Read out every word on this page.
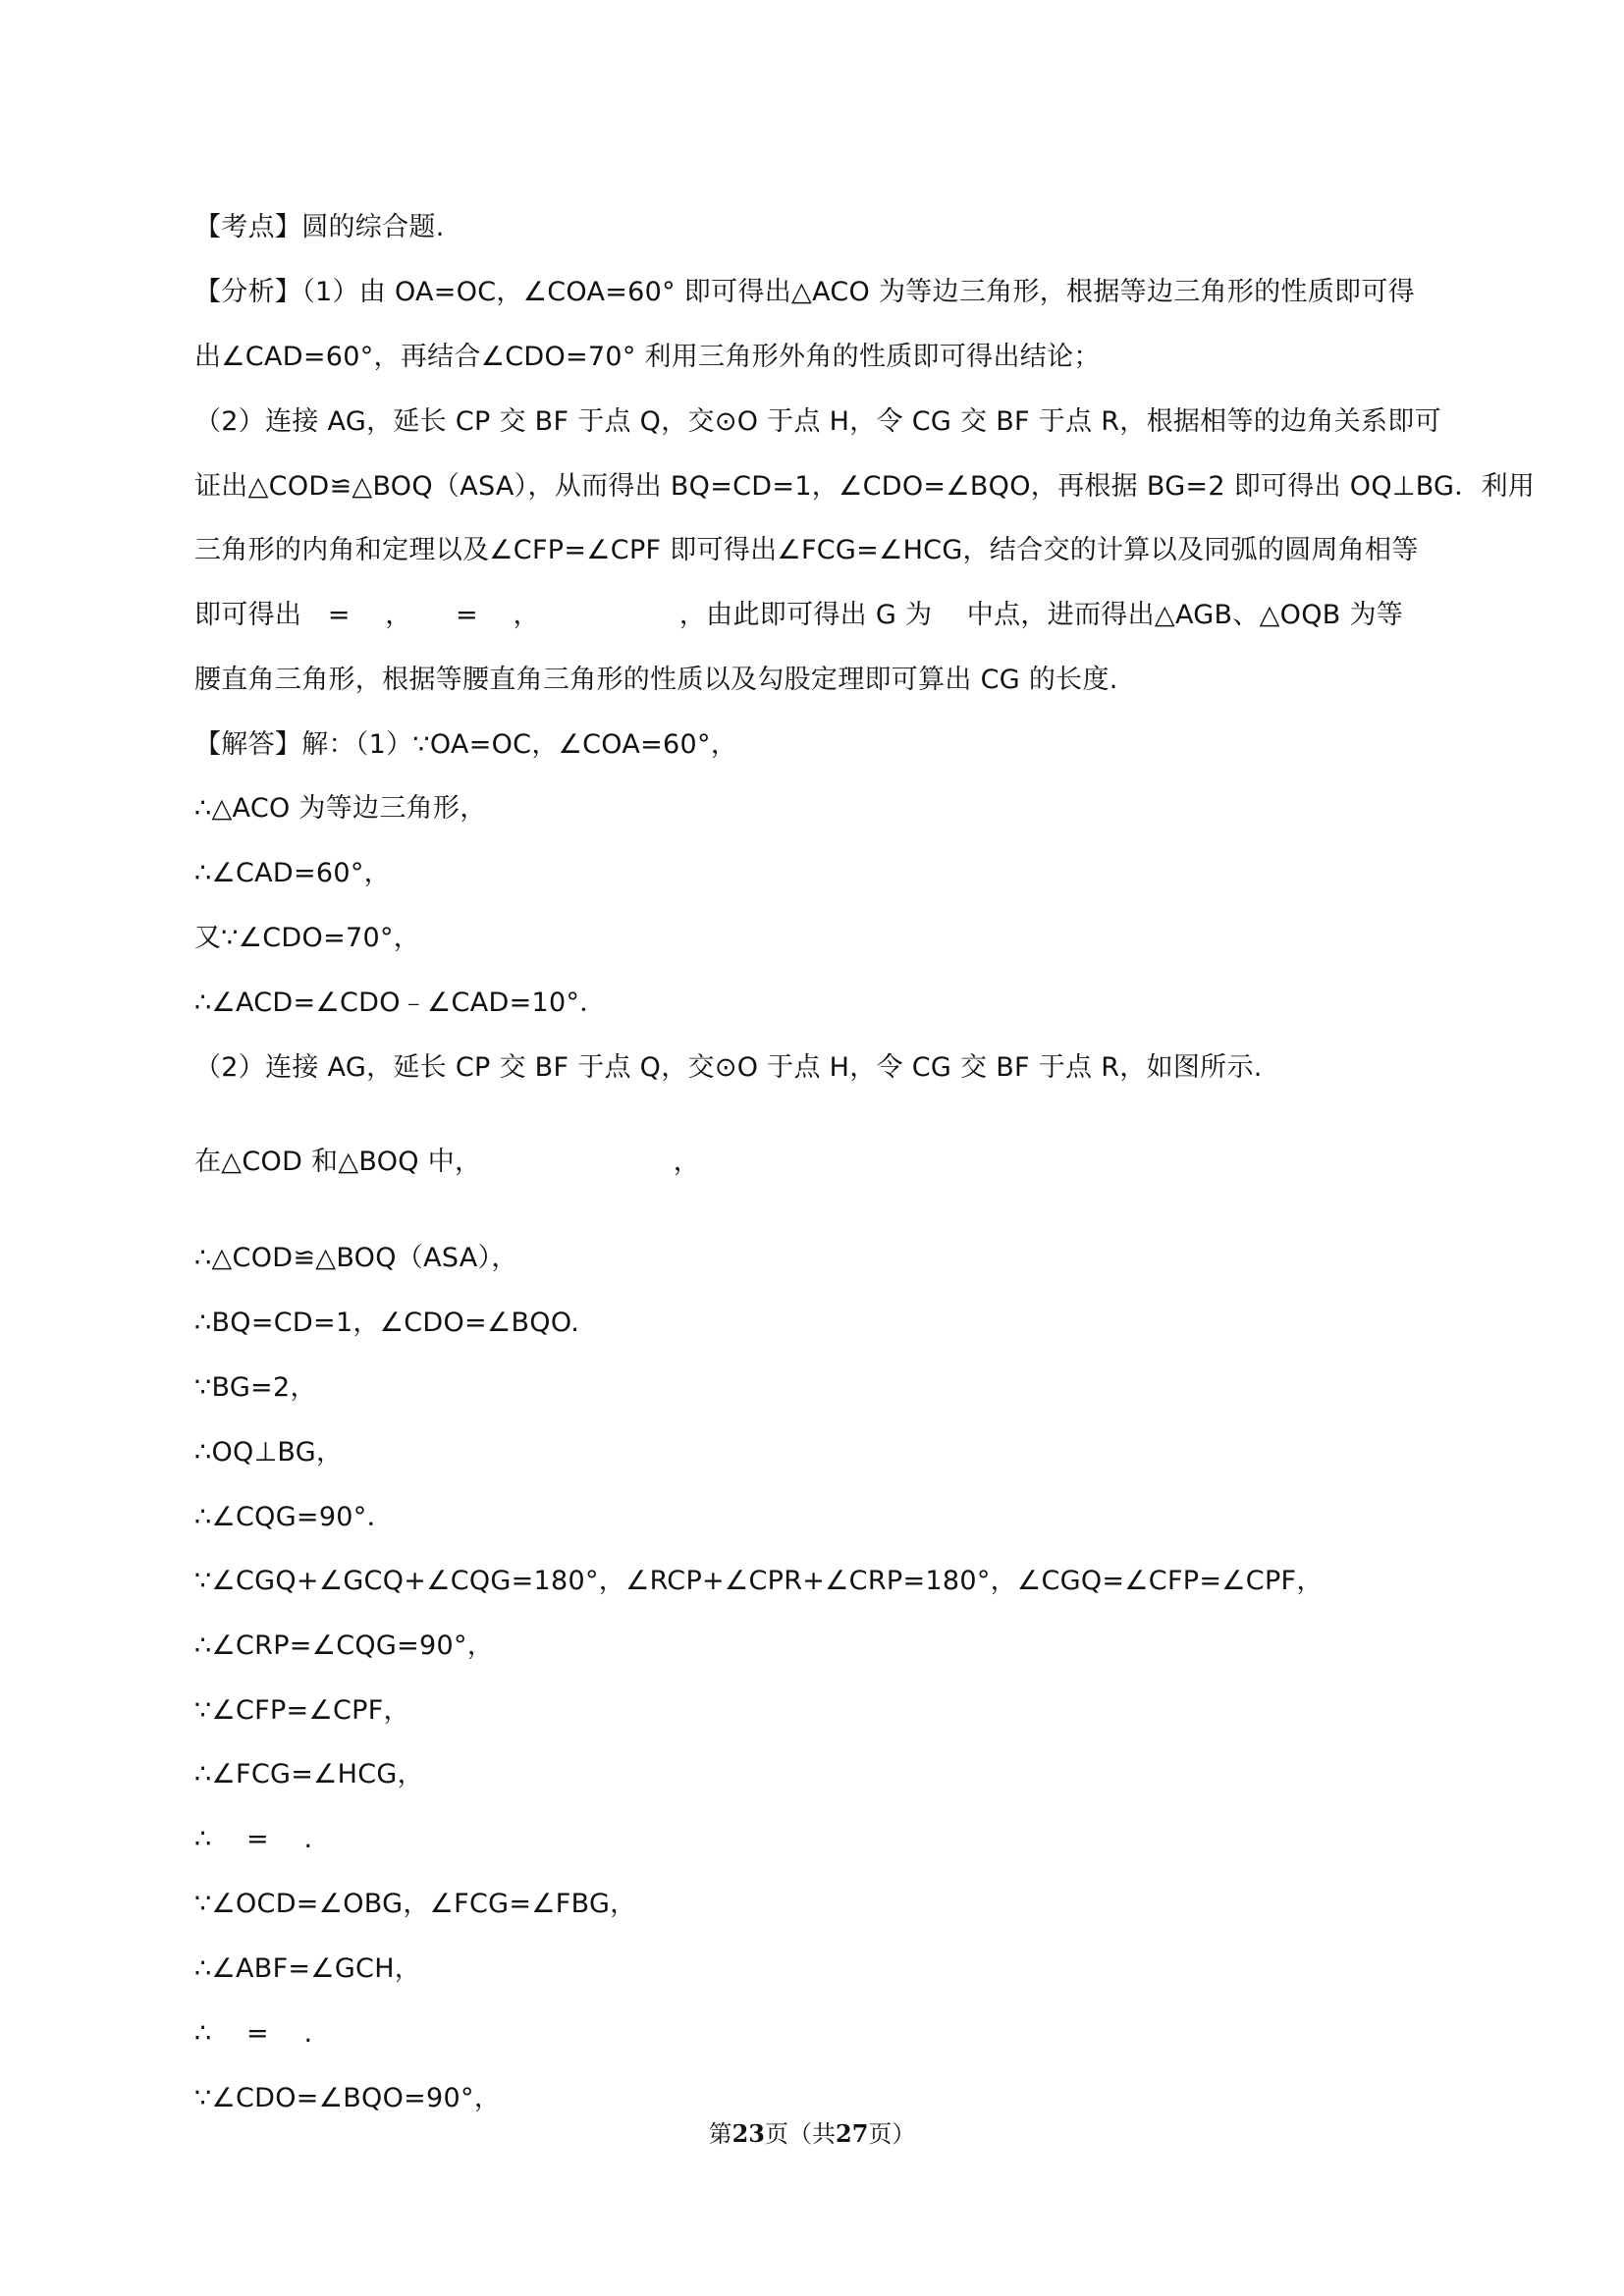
【考点】圆的综合题.
【分析】（1）由 OA=OC，∠COA=60° 即可得出△ACO 为等边三角形，根据等边三角形的性质即可得
出∠CAD=60°，再结合∠CDO=70° 利用三角形外角的性质即可得出结论；
（2）连接 AG，延长 CP 交 BF 于点 Q，交⊙O 于点 H，令 CG 交 BF 于点 R，根据相等的边角关系即可
证出△COD≌△BOQ（ASA），从而得出 BQ=CD=1，∠CDO=∠BQO，再根据 BG=2 即可得出 OQ⊥BG．利用
三角形的内角和定理以及∠CFP=∠CPF 即可得出∠FCG=∠HCG，结合交的计算以及同弧的圆周角相等
即可得出   =    ，     =    ，                ，由此即可得出 G 为    中点，进而得出△AGB、△OQB 为等
腰直角三角形，根据等腰直角三角形的性质以及勾股定理即可算出 CG 的长度.
【解答】解：（1）∵OA=OC，∠COA=60°，
∴△ACO 为等边三角形，
∴∠CAD=60°，
又∵∠CDO=70°，
∴∠ACD=∠CDO﹣∠CAD=10°．
（2）连接 AG，延长 CP 交 BF 于点 Q，交⊙O 于点 H，令 CG 交 BF 于点 R，如图所示.
在△COD 和△BOQ 中，                      ，
∴△COD≌△BOQ（ASA），
∴BQ=CD=1，∠CDO=∠BQO.
∵BG=2，
∴OQ⊥BG，
∴∠CQG=90°．
∵∠CGQ+∠GCQ+∠CQG=180°，∠RCP+∠CPR+∠CRP=180°，∠CGQ=∠CFP=∠CPF，
∴∠CRP=∠CQG=90°，
∵∠CFP=∠CPF，
∴∠FCG=∠HCG，
∴    =    .
∵∠OCD=∠OBG，∠FCG=∠FBG，
∴∠ABF=∠GCH，
∴    =    .
∵∠CDO=∠BQO=90°，
第23页（共27页）
